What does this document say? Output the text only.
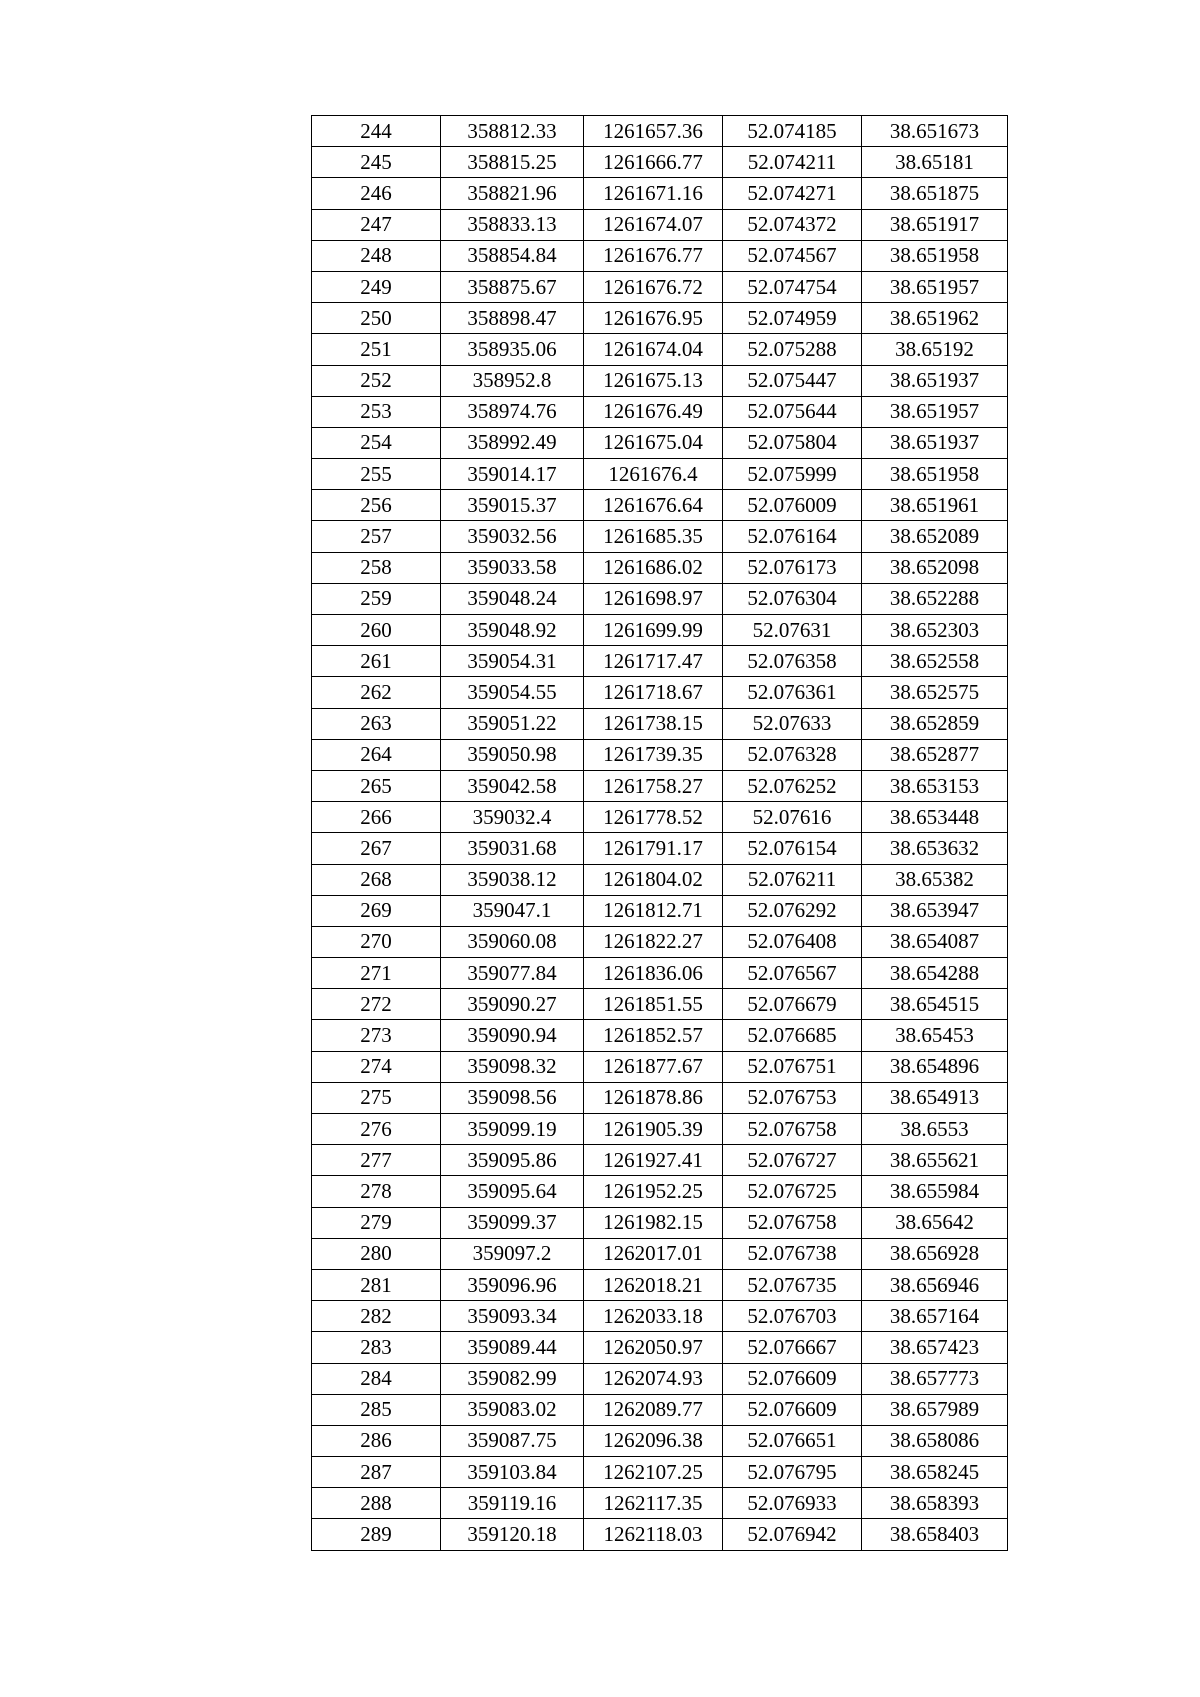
244	358812.33	1261657.36	52.074185	38.651673
245	358815.25	1261666.77	52.074211	38.65181
246	358821.96	1261671.16	52.074271	38.651875
247	358833.13	1261674.07	52.074372	38.651917
248	358854.84	1261676.77	52.074567	38.651958
249	358875.67	1261676.72	52.074754	38.651957
250	358898.47	1261676.95	52.074959	38.651962
251	358935.06	1261674.04	52.075288	38.65192
252	358952.8	1261675.13	52.075447	38.651937
253	358974.76	1261676.49	52.075644	38.651957
254	358992.49	1261675.04	52.075804	38.651937
255	359014.17	1261676.4	52.075999	38.651958
256	359015.37	1261676.64	52.076009	38.651961
257	359032.56	1261685.35	52.076164	38.652089
258	359033.58	1261686.02	52.076173	38.652098
259	359048.24	1261698.97	52.076304	38.652288
260	359048.92	1261699.99	52.07631	38.652303
261	359054.31	1261717.47	52.076358	38.652558
262	359054.55	1261718.67	52.076361	38.652575
263	359051.22	1261738.15	52.07633	38.652859
264	359050.98	1261739.35	52.076328	38.652877
265	359042.58	1261758.27	52.076252	38.653153
266	359032.4	1261778.52	52.07616	38.653448
267	359031.68	1261791.17	52.076154	38.653632
268	359038.12	1261804.02	52.076211	38.65382
269	359047.1	1261812.71	52.076292	38.653947
270	359060.08	1261822.27	52.076408	38.654087
271	359077.84	1261836.06	52.076567	38.654288
272	359090.27	1261851.55	52.076679	38.654515
273	359090.94	1261852.57	52.076685	38.65453
274	359098.32	1261877.67	52.076751	38.654896
275	359098.56	1261878.86	52.076753	38.654913
276	359099.19	1261905.39	52.076758	38.6553
277	359095.86	1261927.41	52.076727	38.655621
278	359095.64	1261952.25	52.076725	38.655984
279	359099.37	1261982.15	52.076758	38.65642
280	359097.2	1262017.01	52.076738	38.656928
281	359096.96	1262018.21	52.076735	38.656946
282	359093.34	1262033.18	52.076703	38.657164
283	359089.44	1262050.97	52.076667	38.657423
284	359082.99	1262074.93	52.076609	38.657773
285	359083.02	1262089.77	52.076609	38.657989
286	359087.75	1262096.38	52.076651	38.658086
287	359103.84	1262107.25	52.076795	38.658245
288	359119.16	1262117.35	52.076933	38.658393
289	359120.18	1262118.03	52.076942	38.658403
